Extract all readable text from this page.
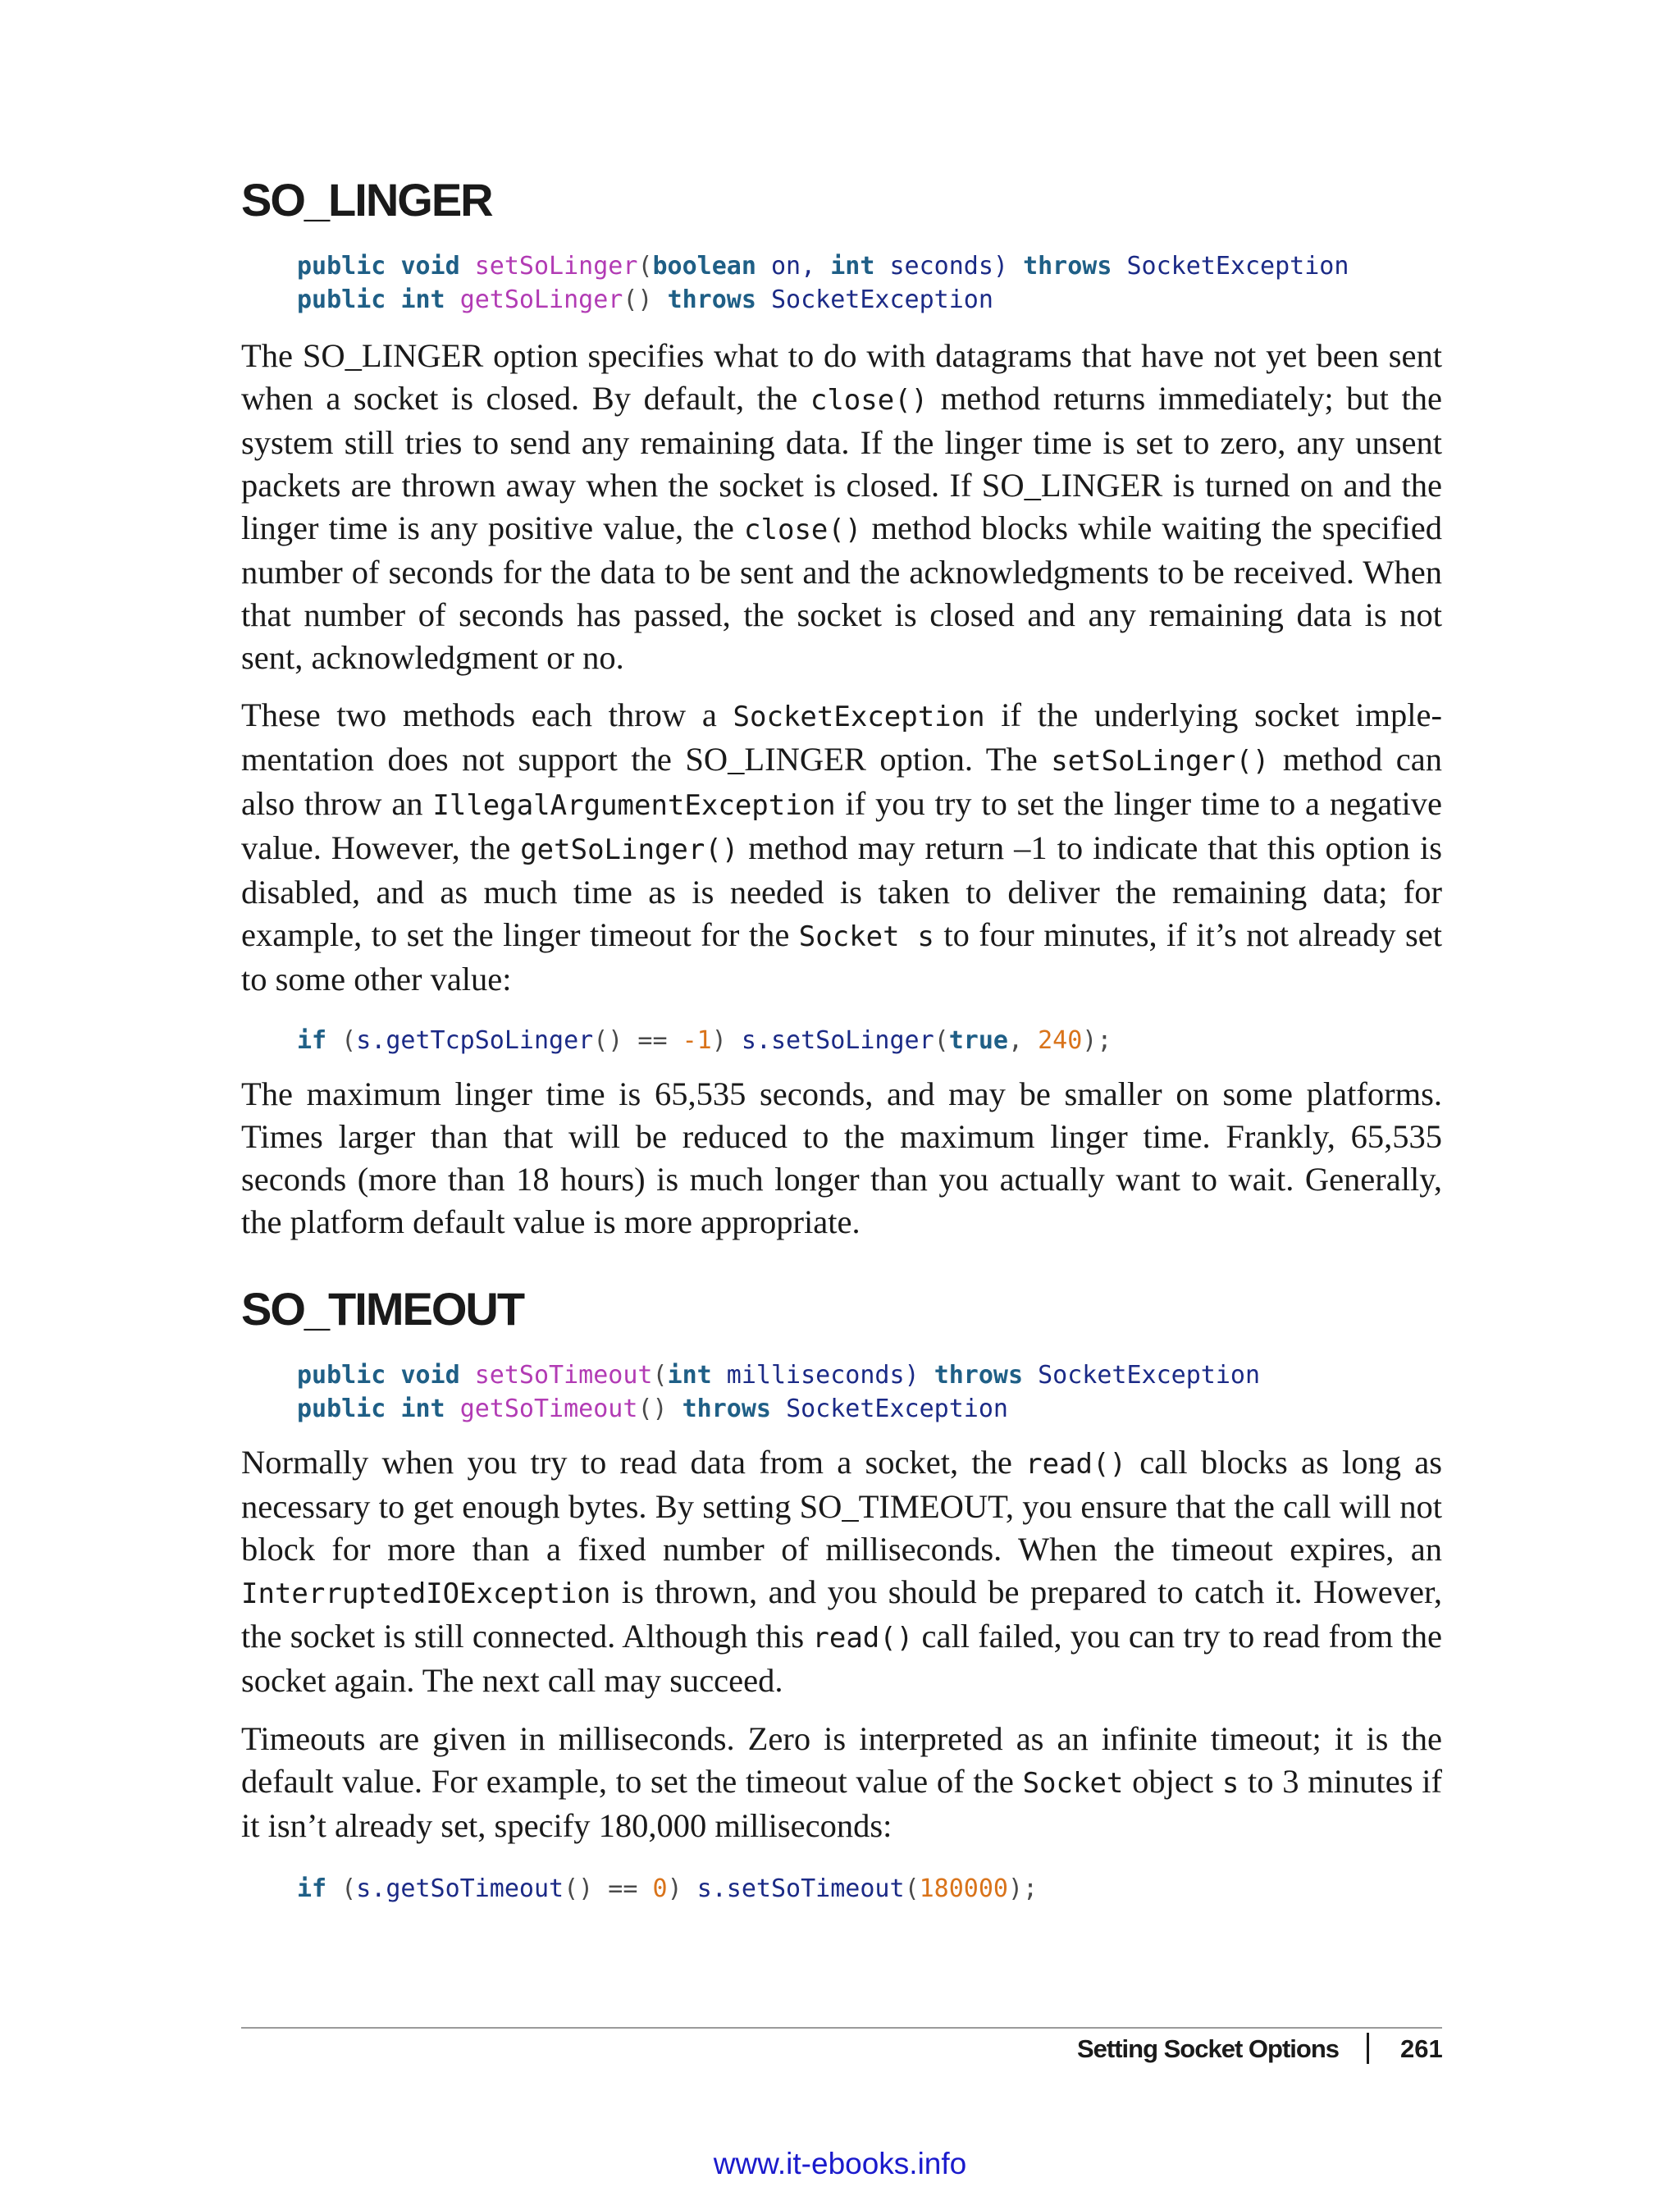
SO_LINGER
public void setSoLinger(boolean on, int seconds) throws SocketException
public int getSoLinger() throws SocketException

The SO_LINGER option specifies what to do with datagrams that have not yet been sent when a socket is closed. By default, the close() method returns immediately; but the system still tries to send any remaining data. If the linger time is set to zero, any unsent packets are thrown away when the socket is closed. If SO_LINGER is turned on and the linger time is any positive value, the close() method blocks while waiting the specified number of seconds for the data to be sent and the acknowledgments to be received. When that number of seconds has passed, the socket is closed and any remaining data is not sent, acknowledgment or no.

These two methods each throw a SocketException if the underlying socket implementation does not support the SO_LINGER option. The setSoLinger() method can also throw an IllegalArgumentException if you try to set the linger time to a negative value. However, the getSoLinger() method may return –1 to indicate that this option is disabled, and as much time as is needed is taken to deliver the remaining data; for example, to set the linger timeout for the Socket s to four minutes, if it’s not already set to some other value:

if (s.getTcpSoLinger() == -1) s.setSoLinger(true, 240);

The maximum linger time is 65,535 seconds, and may be smaller on some platforms. Times larger than that will be reduced to the maximum linger time. Frankly, 65,535 seconds (more than 18 hours) is much longer than you actually want to wait. Generally, the platform default value is more appropriate.

SO_TIMEOUT
public void setSoTimeout(int milliseconds) throws SocketException
public int getSoTimeout() throws SocketException

Normally when you try to read data from a socket, the read() call blocks as long as necessary to get enough bytes. By setting SO_TIMEOUT, you ensure that the call will not block for more than a fixed number of milliseconds. When the timeout expires, an InterruptedIOException is thrown, and you should be prepared to catch it. However, the socket is still connected. Although this read() call failed, you can try to read from the socket again. The next call may succeed.

Timeouts are given in milliseconds. Zero is interpreted as an infinite timeout; it is the default value. For example, to set the timeout value of the Socket object s to 3 minutes if it isn’t already set, specify 180,000 milliseconds:

if (s.getSoTimeout() == 0) s.setSoTimeout(180000);
Setting Socket Options 261
www.it-ebooks.info
